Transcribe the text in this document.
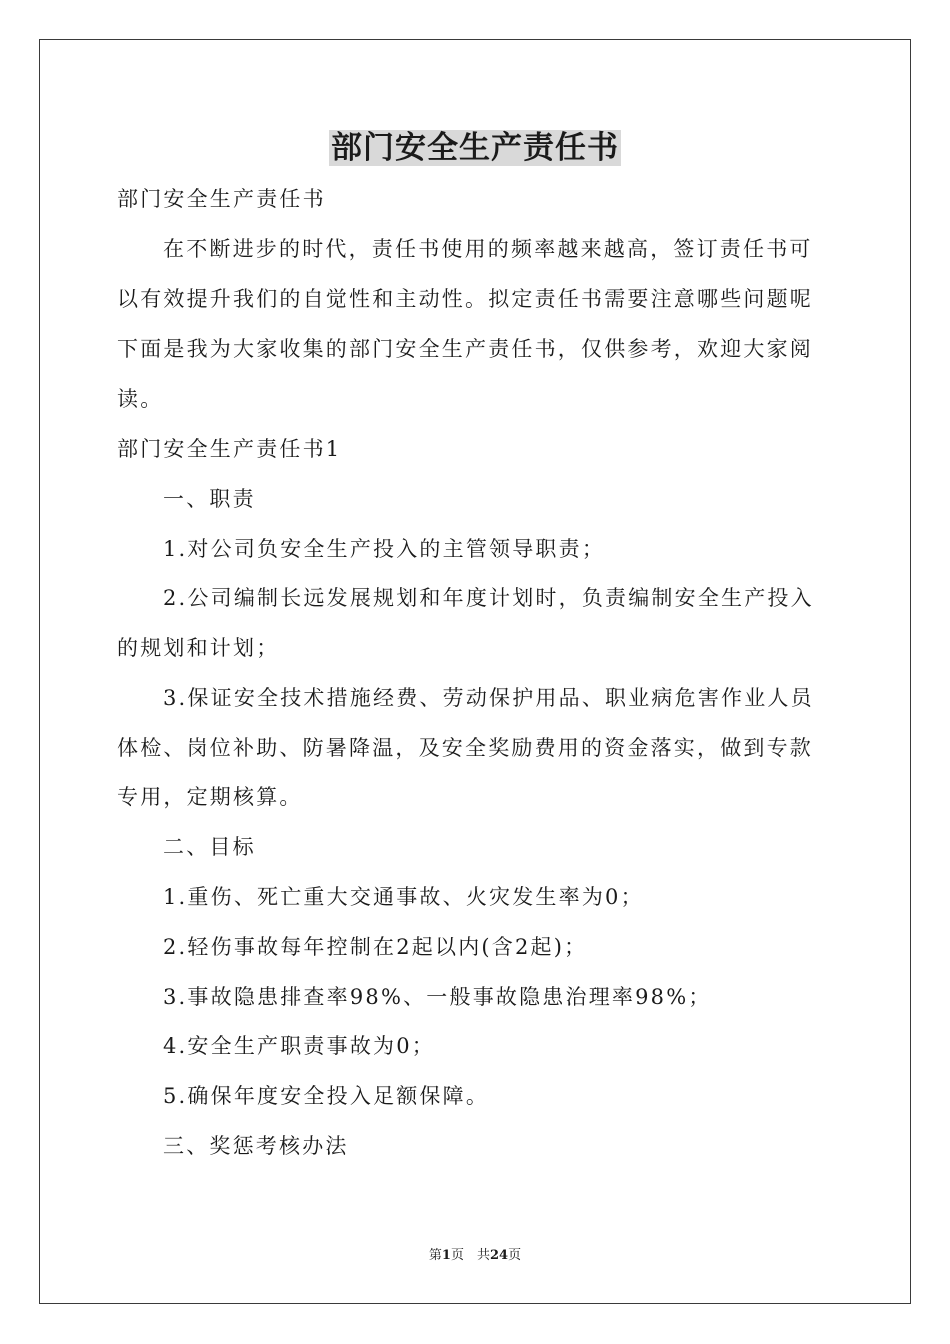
部门安全生产责任书
部门安全生产责任书
在不断进步的时代，责任书使用的频率越来越高，签订责任书可
以有效提升我们的自觉性和主动性。拟定责任书需要注意哪些问题呢
下面是我为大家收集的部门安全生产责任书，仅供参考，欢迎大家阅
读。
部门安全生产责任书1
一、职责
1.对公司负安全生产投入的主管领导职责；
2.公司编制长远发展规划和年度计划时，负责编制安全生产投入
的规划和计划；
3.保证安全技术措施经费、劳动保护用品、职业病危害作业人员
体检、岗位补助、防暑降温，及安全奖励费用的资金落实，做到专款
专用，定期核算。
二、目标
1.重伤、死亡重大交通事故、火灾发生率为0；
2.轻伤事故每年控制在2起以内(含2起)；
3.事故隐患排查率98%、一般事故隐患治理率98%；
4.安全生产职责事故为0；
5.确保年度安全投入足额保障。
三、奖惩考核办法
第1页　共24页
